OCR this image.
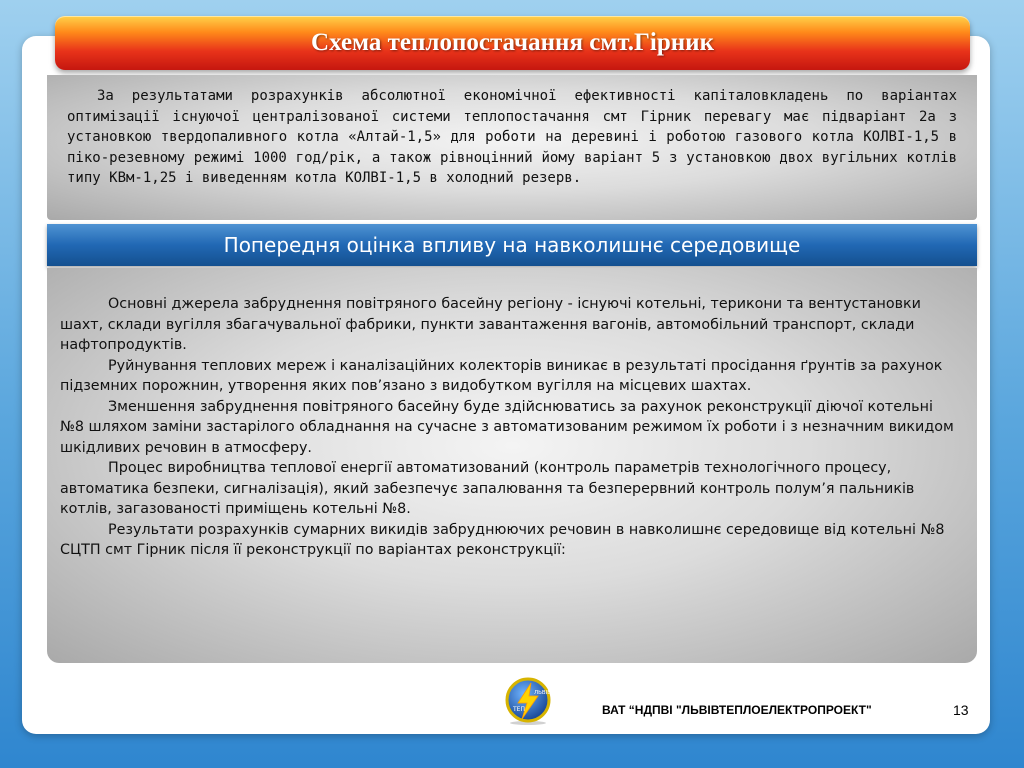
Схема теплопостачання смт.Гірник

За результатами розрахунків абсолютної економічної ефективності капіталовкладень по варіантах оптимізації існуючої централізованої системи теплопостачання смт Гірник перевагу має підваріант 2а з установкою твердопаливного котла «Алтай-1,5» для роботи на деревині і роботою газового котла КОЛВІ-1,5 в піко-резевному режимі 1000 год/рік, а також рівноцінний йому варіант 5 з установкою двох вугільних котлів типу КВм-1,25 і виведенням котла КОЛВІ-1,5 в холодний резерв.

Попередня оцінка впливу на навколишнє середовище

Основні джерела забруднення повітряного басейну регіону - існуючі котельні, терикони та вентустановки шахт, склади вугілля збагачувальної фабрики, пункти завантаження вагонів, автомобільний транспорт, склади нафтопродуктів.

Руйнування теплових мереж і каналізаційних колекторів виникає в результаті просідання ґрунтів за рахунок підземних порожнин, утворення яких пов’язано з видобутком вугілля на місцевих шахтах.

Зменшення забруднення повітряного басейну буде здійснюватись за рахунок реконструкції діючої котельні №8 шляхом заміни застарілого обладнання на сучасне з автоматизованим режимом їх роботи і з незначним викидом шкідливих речовин в атмосферу.

Процес виробництва теплової енергії автоматизований (контроль параметрів технологічного процесу, автоматика безпеки, сигналізація), який забезпечує запалювання та безперервний контроль полум’я пальників котлів, загазованості приміщень котельні №8.

Результати розрахунків сумарних викидів забруднюючих речовин в навколишнє середовище від котельні №8 СЦТП смт Гірник після її реконструкції по варіантах реконструкції:

ЛЬВІВ
ТЕП	ВАТ “НДПВІ "ЛЬВІВТЕПЛОЕЛЕКТРОПРОЕКТ"	13
